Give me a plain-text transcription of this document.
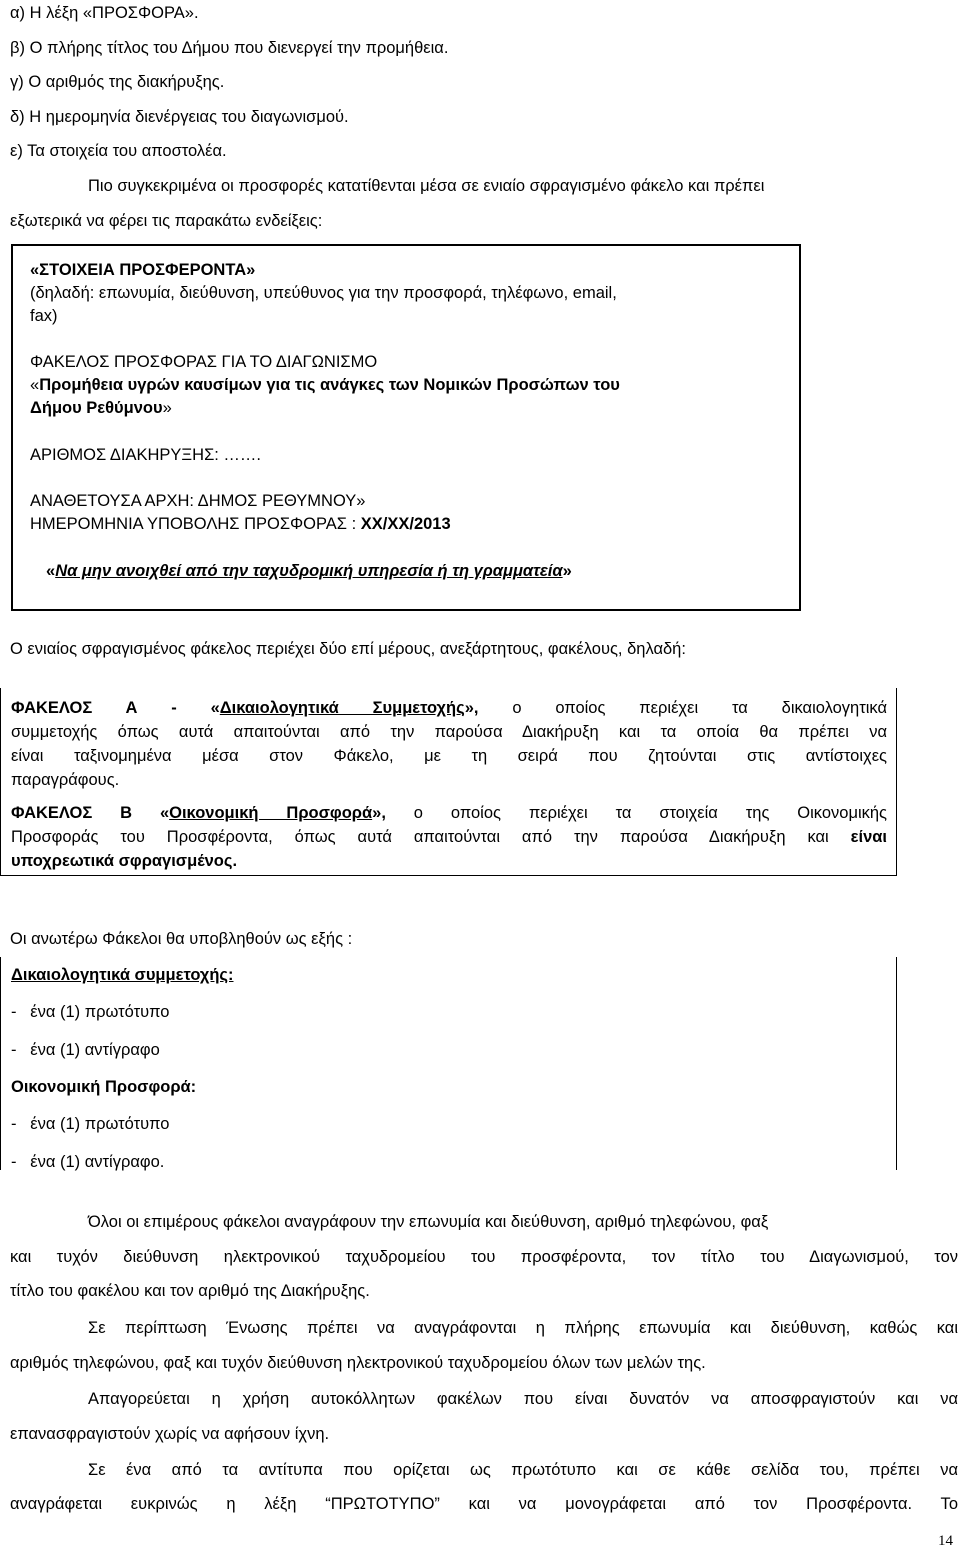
α) Η λέξη «ΠΡΟΣΦΟΡΑ».
β) Ο πλήρης τίτλος του Δήμου που διενεργεί την προμήθεια.
γ) Ο αριθμός της διακήρυξης.
δ) Η ημερομηνία διενέργειας του διαγωνισμού.
ε) Τα στοιχεία του αποστολέα.
Πιο συγκεκριμένα οι προσφορές κατατίθενται μέσα σε ενιαίο σφραγισμένο φάκελο και πρέπει
εξωτερικά να φέρει τις παρακάτω ενδείξεις:
«ΣΤΟΙΧΕΙΑ ΠΡΟΣΦΕΡΟΝΤΑ»
(δηλαδή: επωνυμία, διεύθυνση, υπεύθυνος για την προσφορά, τηλέφωνο, email,
fax)
ΦΑΚΕΛΟΣ ΠΡΟΣΦΟΡΑΣ ΓΙΑ ΤΟ ΔΙΑΓΩΝΙΣΜΟ
«Προμήθεια υγρών καυσίμων για τις ανάγκες των Νομικών Προσώπων του
Δήμου Ρεθύμνου»
ΑΡΙΘΜΟΣ ΔΙΑΚΗΡΥΞΗΣ: …….
ΑΝΑΘΕΤΟΥΣΑ ΑΡΧΗ: ΔΗΜΟΣ ΡΕΘΥΜΝΟΥ»
ΗΜΕΡΟΜΗΝΙΑ ΥΠΟΒΟΛΗΣ ΠΡΟΣΦΟΡΑΣ : ΧΧ/ΧΧ/2013
«Να μην ανοιχθεί από την ταχυδρομική υπηρεσία ή τη γραμματεία»
Ο ενιαίος σφραγισμένος φάκελος περιέχει δύο επί μέρους, ανεξάρτητους, φακέλους, δηλαδή:
ΦΑΚΕΛΟΣ Α - «Δικαιολογητικά Συμμετοχής», ο οποίος περιέχει τα δικαιολογητικά
συμμετοχής όπως αυτά απαιτούνται από την παρούσα Διακήρυξη και τα οποία θα πρέπει να
είναι ταξινομημένα μέσα στον Φάκελο, με τη σειρά που ζητούνται στις αντίστοιχες
παραγράφους.
ΦΑΚΕΛΟΣ Β «Οικονομική Προσφορά», ο οποίος περιέχει τα στοιχεία της Οικονομικής
Προσφοράς του Προσφέροντα, όπως αυτά απαιτούνται από την παρούσα Διακήρυξη και είναι
υποχρεωτικά σφραγισμένος.
Οι ανωτέρω Φάκελοι θα υποβληθούν ως εξής :
Δικαιολογητικά συμμετοχής:
-   ένα (1) πρωτότυπο
-   ένα (1) αντίγραφο
Οικονομική Προσφορά:
-   ένα (1) πρωτότυπο
-   ένα (1) αντίγραφο.
Όλοι οι επιμέρους φάκελοι αναγράφουν την επωνυμία και διεύθυνση, αριθμό τηλεφώνου, φαξ
και τυχόν διεύθυνση ηλεκτρονικού ταχυδρομείου του προσφέροντα, τον τίτλο του Διαγωνισμού, τον
τίτλο του φακέλου και τον αριθμό της Διακήρυξης.
Σε περίπτωση Ένωσης πρέπει να αναγράφονται η πλήρης επωνυμία και διεύθυνση, καθώς και
αριθμός τηλεφώνου, φαξ και τυχόν διεύθυνση ηλεκτρονικού ταχυδρομείου όλων των μελών της.
Απαγορεύεται η χρήση αυτοκόλλητων φακέλων που είναι δυνατόν να αποσφραγιστούν και να
επανασφραγιστούν χωρίς να αφήσουν ίχνη.
Σε ένα από τα αντίτυπα που ορίζεται ως πρωτότυπο και σε κάθε σελίδα του, πρέπει να
αναγράφεται ευκρινώς η λέξη “ΠΡΩΤΟΤΥΠΟ” και να μονογράφεται από τον Προσφέροντα. Το
14
